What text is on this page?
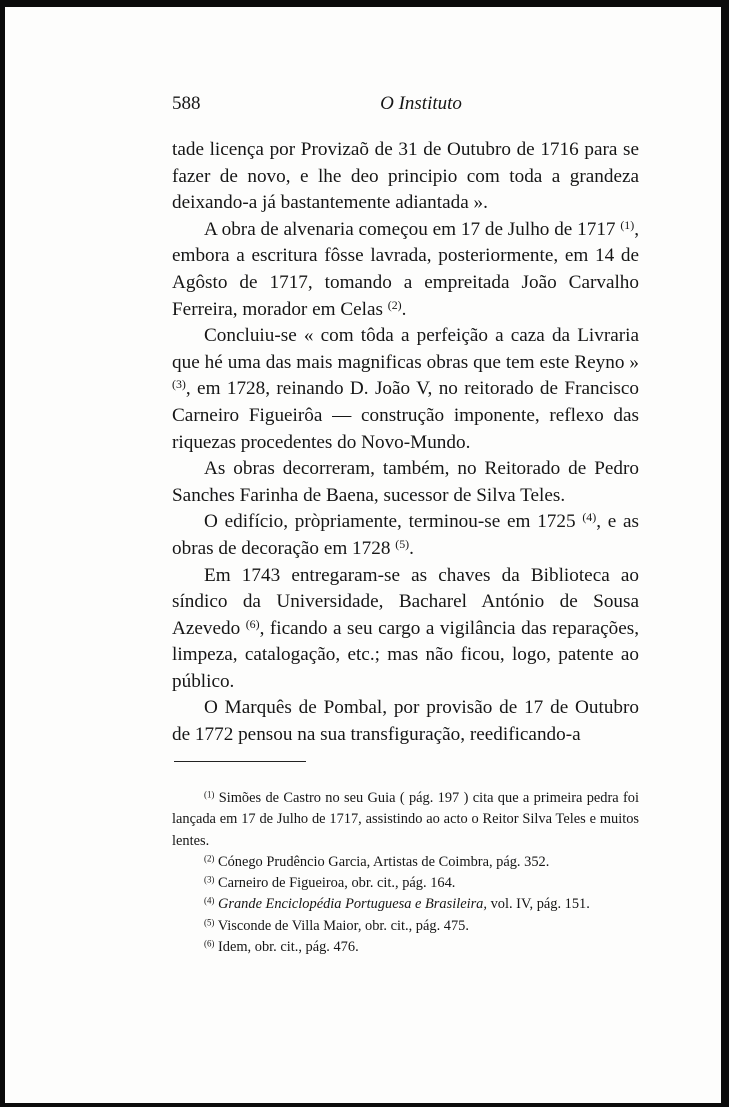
588	O Instituto

tade licença por Provizaõ de 31 de Outubro de 1716 para se fazer de novo, e lhe deo principio com toda a grandeza deixando-a já bastantemente adiantada ».

A obra de alvenaria começou em 17 de Julho de 1717 $^{(1)}$, embora a escritura fôsse lavrada, posteriormente, em 14 de Agôsto de 1717, tomando a empreitada João Carvalho Ferreira, morador em Celas $^{(2)}$.

Concluiu-se « com tôda a perfeição a caza da Livraria que hé uma das mais magnificas obras que tem este Reyno » $^{(3)}$, em 1728, reinando D. João V, no reitorado de Francisco Carneiro Figueirôa — construção imponente, reflexo das riquezas procedentes do Novo-Mundo.

As obras decorreram, também, no Reitorado de Pedro Sanches Farinha de Baena, sucessor de Silva Teles.

O edifício, pròpriamente, terminou-se em 1725 $^{(4)}$, e as obras de decoração em 1728 $^{(5)}$.

Em 1743 entregaram-se as chaves da Biblioteca ao síndico da Universidade, Bacharel António de Sousa Azevedo $^{(6)}$, ficando a seu cargo a vigilância das reparações, limpeza, catalogação, etc.; mas não ficou, logo, patente ao público.

O Marquês de Pombal, por provisão de 17 de Outubro de 1772 pensou na sua transfiguração, reedificando-a

$^{(1)}$ Simões de Castro no seu Guia ( pág. 197 ) cita que a primeira pedra foi lançada em 17 de Julho de 1717, assistindo ao acto o Reitor Silva Teles e muitos lentes.

$^{(2)}$ Cónego Prudêncio Garcia, Artistas de Coimbra, pág. 352.

$^{(3)}$ Carneiro de Figueiroa, obr. cit., pág. 164.

$^{(4)}$ Grande Enciclopédia Portuguesa e Brasileira, vol. IV, pág. 151.

$^{(5)}$ Visconde de Villa Maior, obr. cit., pág. 475.

$^{(6)}$ Idem, obr. cit., pág. 476.
